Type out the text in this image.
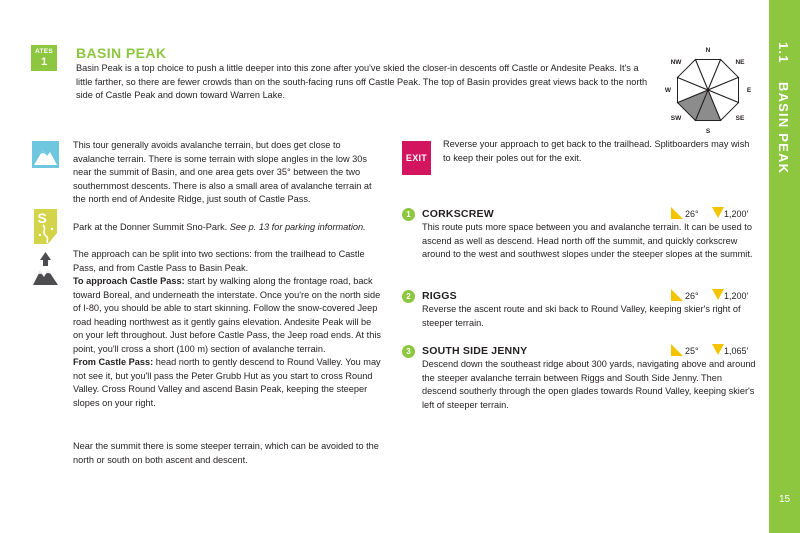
1.1
BASIN PEAK
15
ATES
1
BASIN PEAK
Basin Peak is a top choice to push a little deeper into this zone after you've skied the closer-in descents off Castle or Andesite Peaks. It's a little farther, so there are fewer crowds than on the south-facing runs off Castle Peak. The top of Basin provides great views back to the north side of Castle Peak and down toward Warren Lake.
N
NE
E
SE
S
SW
W
NW
S
This tour generally avoids avalanche terrain, but does get close to avalanche terrain. There is some terrain with slope angles in the low 30s near the summit of Basin, and one area gets over 35° between the two southernmost descents. There is also a small area of avalanche terrain at the north end of Andesite Ridge, just south of Castle Pass.
Park at the Donner Summit Sno-Park. See p. 13 for parking information.
The approach can be split into two sections: from the trailhead to Castle Pass, and from Castle Pass to Basin Peak.
To approach Castle Pass: start by walking along the frontage road, back toward Boreal, and underneath the interstate. Once you're on the north side of I-80, you should be able to start skinning. Follow the snow-covered Jeep road heading northwest as it gently gains elevation. Andesite Peak will be on your left throughout. Just before Castle Pass, the Jeep road ends. At this point, you'll cross a short (100 m) section of avalanche terrain.
From Castle Pass: head north to gently descend to Round Valley. You may not see it, but you'll pass the Peter Grubb Hut as you start to cross Round Valley. Cross Round Valley and ascend Basin Peak, keeping the steeper slopes on your right.
Near the summit there is some steeper terrain, which can be avoided to the north or south on both ascent and descent.
EXIT
Reverse your approach to get back to the trailhead. Splitboarders may wish to keep their poles out for the exit.
1	CORKSCREW	26°	1,200'
This route puts more space between you and avalanche terrain. It can be used to ascend as well as descend. Head north off the summit, and quickly corkscrew around to the west and southwest slopes under the steeper slopes at the summit.
2	RIGGS	26°	1,200'
Reverse the ascent route and ski back to Round Valley, keeping skier's right of steeper terrain.
3	SOUTH SIDE JENNY	25°	1,065'
Descend down the southeast ridge about 300 yards, navigating above and around the steeper avalanche terrain between Riggs and South Side Jenny. Then descend southerly through the open glades towards Round Valley, keeping skier's left of steeper terrain.
